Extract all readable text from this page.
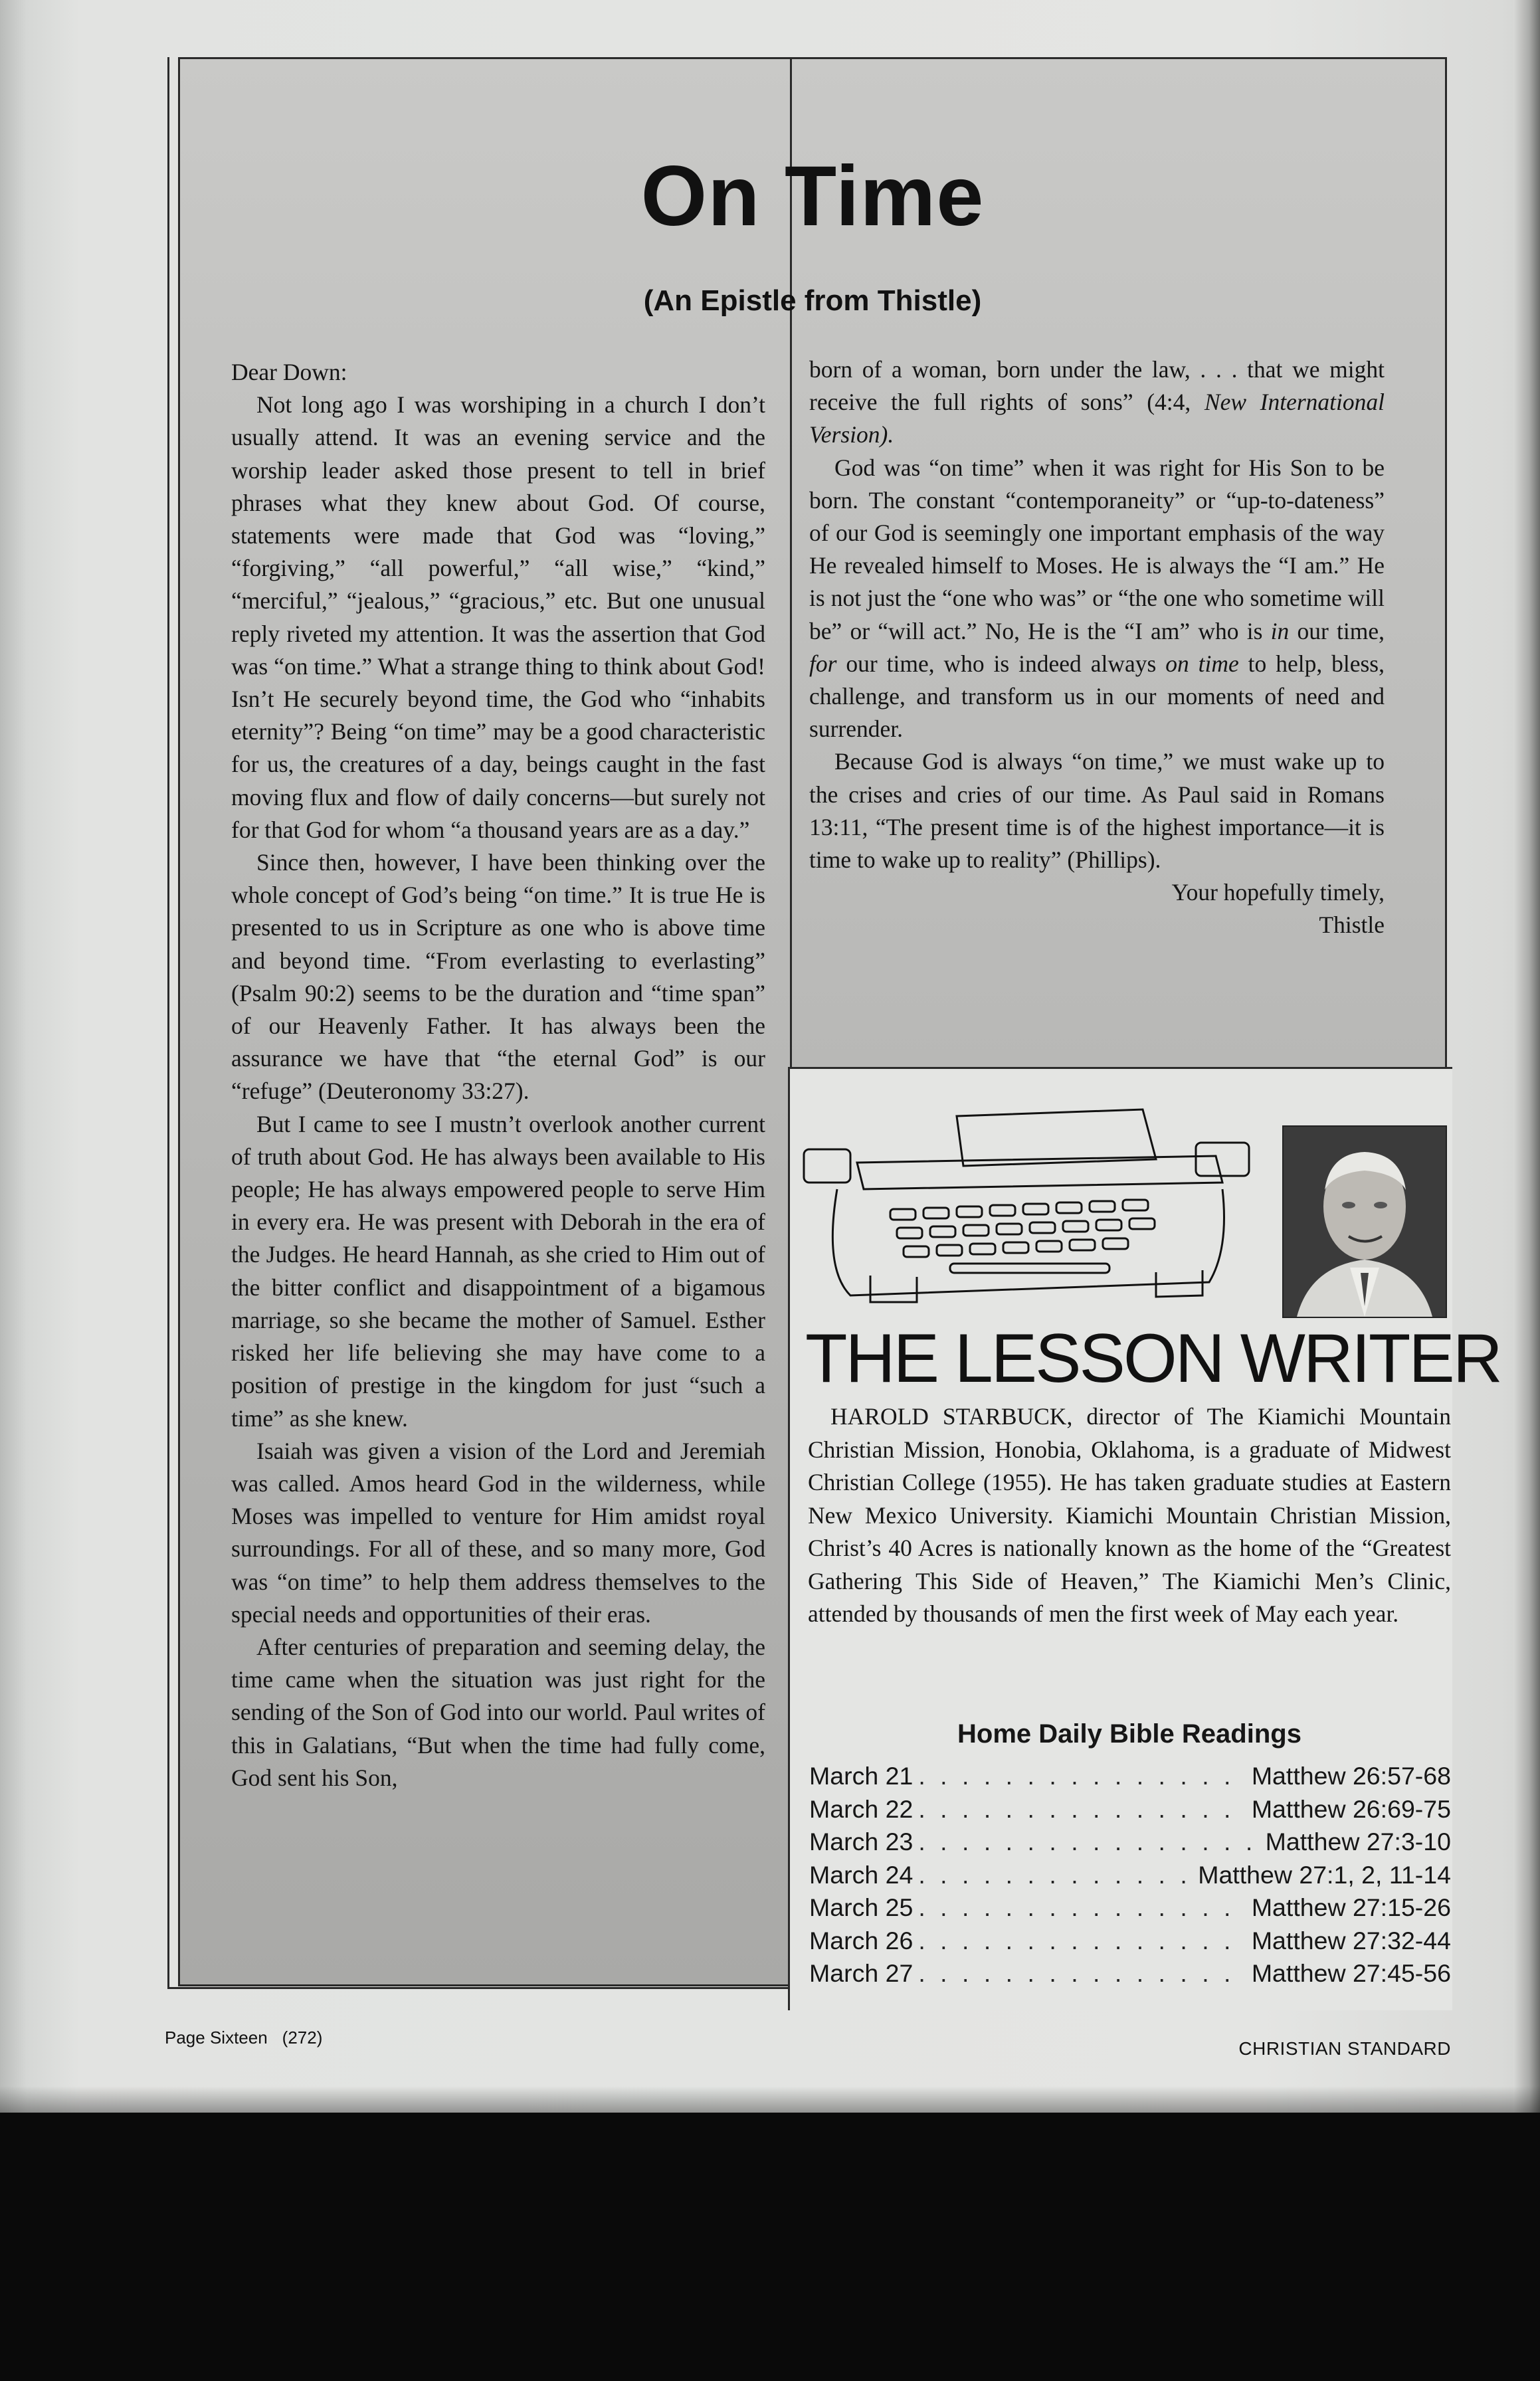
On Time
(An Epistle from Thistle)

Dear Down:

Not long ago I was worshiping in a church I don’t usually attend. It was an evening service and the worship leader asked those present to tell in brief phrases what they knew about God. Of course, statements were made that God was “loving,” “forgiving,” “all powerful,” “all wise,” “kind,” “merciful,” “jealous,” “gracious,” etc. But one unusual reply riveted my attention. It was the assertion that God was “on time.” What a strange thing to think about God! Isn’t He securely beyond time, the God who “inhabits eternity”? Being “on time” may be a good characteristic for us, the creatures of a day, beings caught in the fast moving flux and flow of daily concerns—but surely not for that God for whom “a thousand years are as a day.”

Since then, however, I have been thinking over the whole concept of God’s being “on time.” It is true He is presented to us in Scripture as one who is above time and beyond time. “From everlasting to everlasting” (Psalm 90:2) seems to be the duration and “time span” of our Heavenly Father. It has always been the assurance we have that “the eternal God” is our “refuge” (Deuteronomy 33:27).

But I came to see I mustn’t overlook another current of truth about God. He has always been available to His people; He has always empowered people to serve Him in every era. He was present with Deborah in the era of the Judges. He heard Hannah, as she cried to Him out of the bitter conflict and disappointment of a bigamous marriage, so she became the mother of Samuel. Esther risked her life believing she may have come to a position of prestige in the kingdom for just “such a time” as she knew.

Isaiah was given a vision of the Lord and Jeremiah was called. Amos heard God in the wilderness, while Moses was impelled to venture for Him amidst royal surroundings. For all of these, and so many more, God was “on time” to help them address themselves to the special needs and opportunities of their eras.

After centuries of preparation and seeming delay, the time came when the situation was just right for the sending of the Son of God into our world. Paul writes of this in Galatians, “But when the time had fully come, God sent his Son,

born of a woman, born under the law, . . . that we might receive the full rights of sons” (4:4, New International Version).

God was “on time” when it was right for His Son to be born. The constant “contemporaneity” or “up-to-dateness” of our God is seemingly one important emphasis of the way He revealed himself to Moses. He is always the “I am.” He is not just the “one who was” or “the one who sometime will be” or “will act.” No, He is the “I am” who is in our time, for our time, who is indeed always on time to help, bless, challenge, and transform us in our moments of need and surrender.

Because God is always “on time,” we must wake up to the crises and cries of our time. As Paul said in Romans 13:11, “The present time is of the highest importance—it is time to wake up to reality” (Phillips).

Your hopefully timely,

Thistle

THE LESSON WRITER

HAROLD STARBUCK, director of The Kiamichi Mountain Christian Mission, Honobia, Oklahoma, is a graduate of Midwest Christian College (1955). He has taken graduate studies at Eastern New Mexico University. Kiamichi Mountain Christian Mission, Christ’s 40 Acres is nationally known as the home of the “Greatest Gathering This Side of Heaven,” The Kiamichi Men’s Clinic, attended by thousands of men the first week of May each year.

Home Daily Bible Readings
March 21 . . .	Matthew 26:57-68
March 22 . . .	Matthew 26:69-75
March 23 . . .	Matthew 27:3-10
March 24 . . .	Matthew 27:1, 2, 11-14
March 25 . . .	Matthew 27:15-26
March 26 . . .	Matthew 27:32-44
March 27 . . .	Matthew 27:45-56
Page Sixteen (272)
CHRISTIAN STANDARD
